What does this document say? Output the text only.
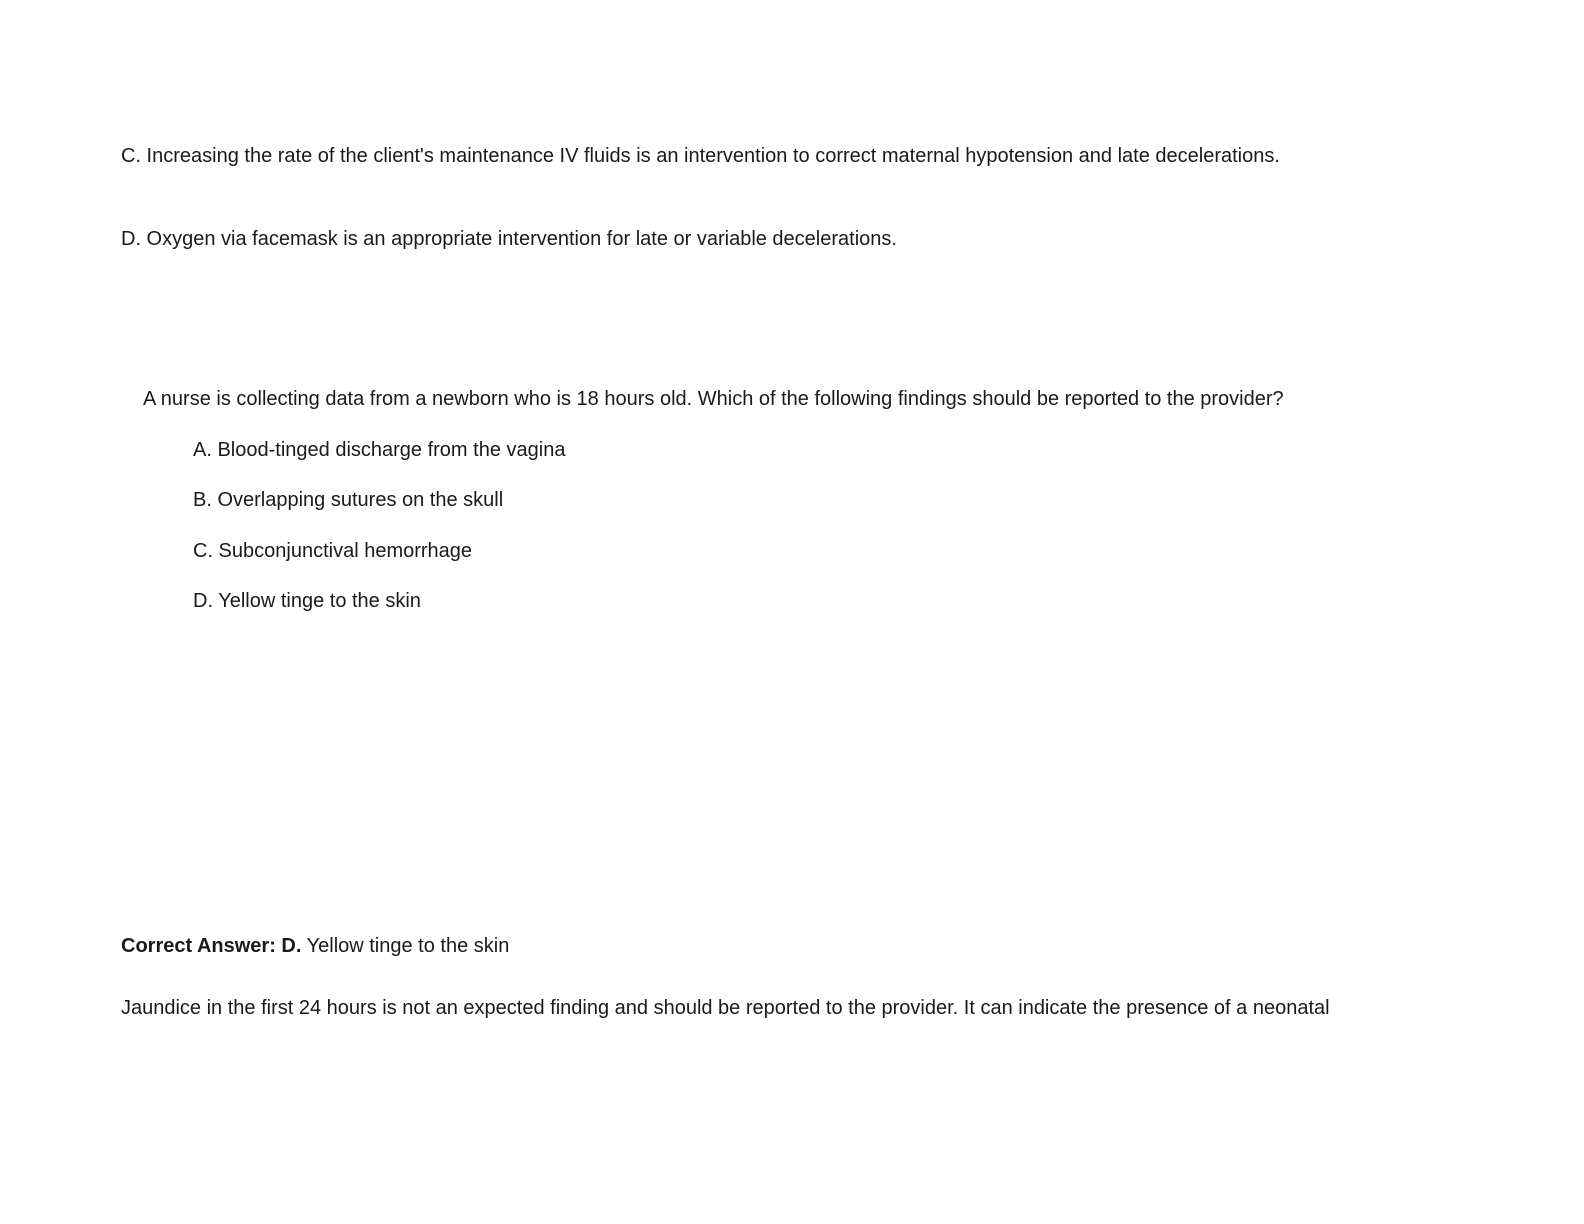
C. Increasing the rate of the client's maintenance IV fluids is an intervention to correct maternal hypotension and late decelerations.

D. Oxygen via facemask is an appropriate intervention for late or variable decelerations.

A nurse is collecting data from a newborn who is 18 hours old. Which of the following findings should be reported to the provider?

A. Blood-tinged discharge from the vagina

B. Overlapping sutures on the skull

C. Subconjunctival hemorrhage

D. Yellow tinge to the skin

Correct Answer: D. Yellow tinge to the skin

Jaundice in the first 24 hours is not an expected finding and should be reported to the provider. It can indicate the presence of a neonatal
